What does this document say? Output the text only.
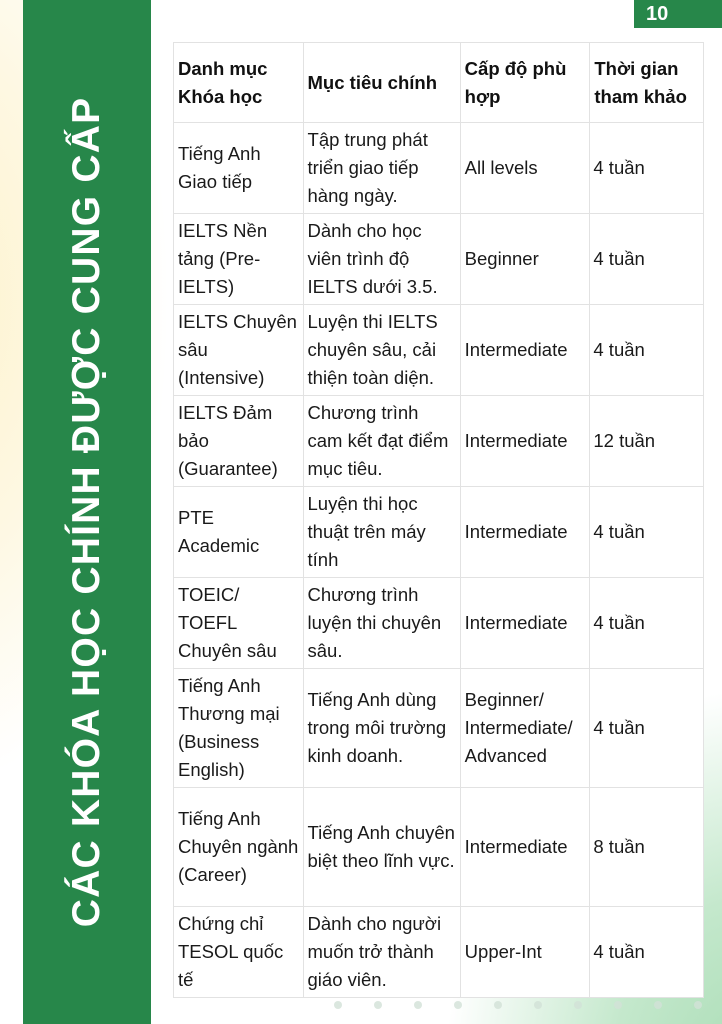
CÁC KHÓA HỌC CHÍNH ĐƯỢC CUNG CẤP
10
Danh mục Khóa học	Mục tiêu chính	Cấp độ phù hợp	Thời gian tham khảo
Tiếng Anh Giao tiếp	Tập trung phát triển giao tiếp hàng ngày.	All levels	4 tuần
IELTS Nền tảng (Pre-IELTS)	Dành cho học viên trình độ IELTS dưới 3.5.	Beginner	4 tuần
IELTS Chuyên sâu (Intensive)	Luyện thi IELTS chuyên sâu, cải thiện toàn diện.	Intermediate	4 tuần
IELTS Đảm bảo (Guarantee)	Chương trình cam kết đạt điểm mục tiêu.	Intermediate	12 tuần
PTE Academic	Luyện thi học thuật trên máy tính	Intermediate	4 tuần
TOEIC/ TOEFL Chuyên sâu	Chương trình luyện thi chuyên sâu.	Intermediate	4 tuần
Tiếng Anh Thương mại (Business English)	Tiếng Anh dùng trong môi trường kinh doanh.	Beginner/ Intermediate/ Advanced	4 tuần
Tiếng Anh Chuyên ngành (Career)	Tiếng Anh chuyên biệt theo lĩnh vực.	Intermediate	8 tuần
Chứng chỉ TESOL quốc tế	Dành cho người muốn trở thành giáo viên.	Upper-Int	4 tuần
